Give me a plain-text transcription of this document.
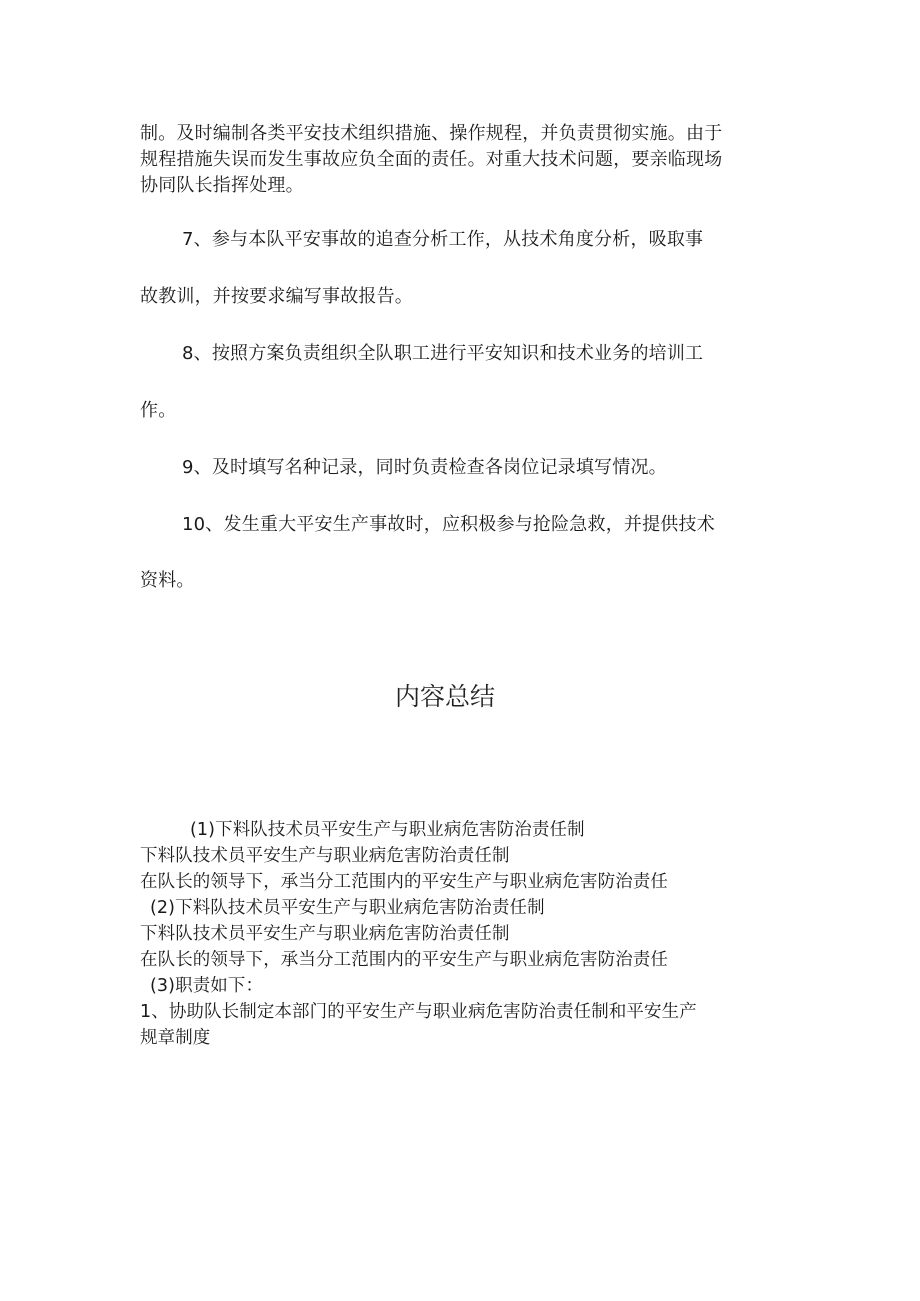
制。及时编制各类平安技术组织措施、操作规程，并负责贯彻实施。由于
规程措施失误而发生事故应负全面的责任。对重大技术问题，要亲临现场
协同队长指挥处理。
7、参与本队平安事故的追查分析工作，从技术角度分析，吸取事
故教训，并按要求编写事故报告。
8、按照方案负责组织全队职工进行平安知识和技术业务的培训工
作。
9、及时填写名种记录，同时负责检查各岗位记录填写情况。
10、发生重大平安生产事故时，应积极参与抢险急救，并提供技术
资料。
内容总结
(1)下料队技术员平安生产与职业病危害防治责任制
下料队技术员平安生产与职业病危害防治责任制
在队长的领导下，承当分工范围内的平安生产与职业病危害防治责任
(2)下料队技术员平安生产与职业病危害防治责任制
下料队技术员平安生产与职业病危害防治责任制
在队长的领导下，承当分工范围内的平安生产与职业病危害防治责任
(3)职责如下：
1、协助队长制定本部门的平安生产与职业病危害防治责任制和平安生产
规章制度
